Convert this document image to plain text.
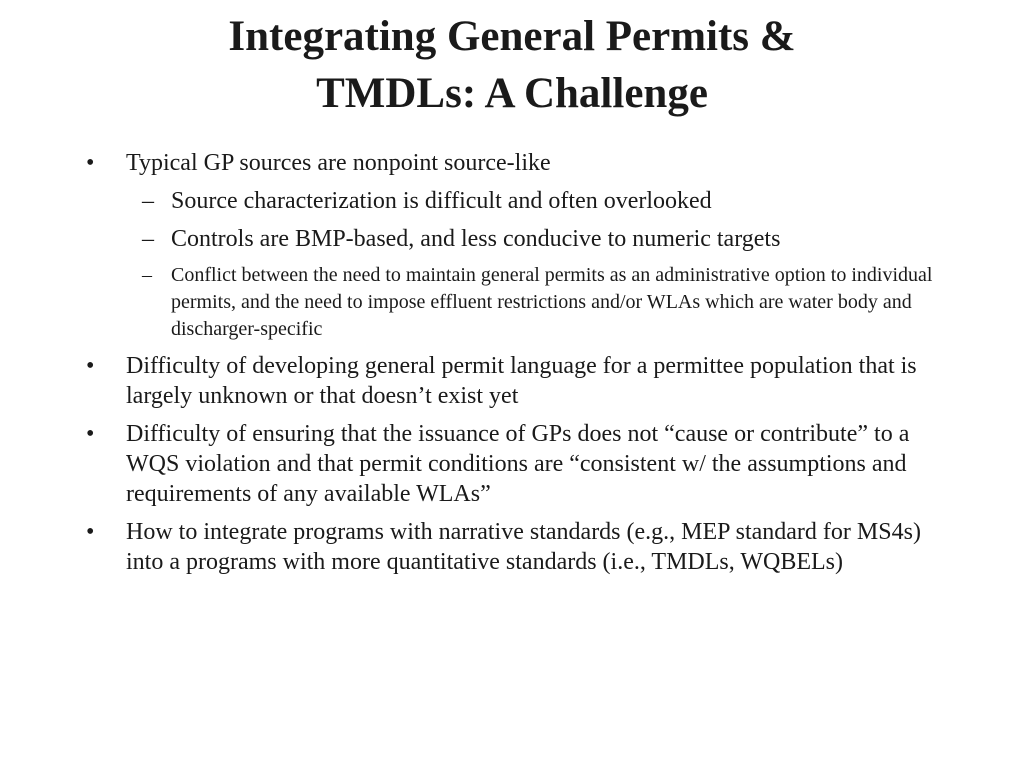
Integrating General Permits &
TMDLs: A Challenge
• Typical GP sources are nonpoint source-like
– Source characterization is difficult and often overlooked
– Controls are BMP-based, and less conducive to numeric targets
– Conflict between the need to maintain general permits as an administrative option to individual permits, and the need to impose effluent restrictions and/or WLAs which are water body and discharger-specific
• Difficulty of developing general permit language for a permittee population that is largely unknown or that doesn’t exist yet
• Difficulty of ensuring that the issuance of GPs does not “cause or contribute” to a WQS violation and that permit conditions are “consistent w/ the assumptions and requirements of any available WLAs”
• How to integrate programs with narrative standards (e.g., MEP standard for MS4s) into a programs with more quantitative standards (i.e., TMDLs, WQBELs)
